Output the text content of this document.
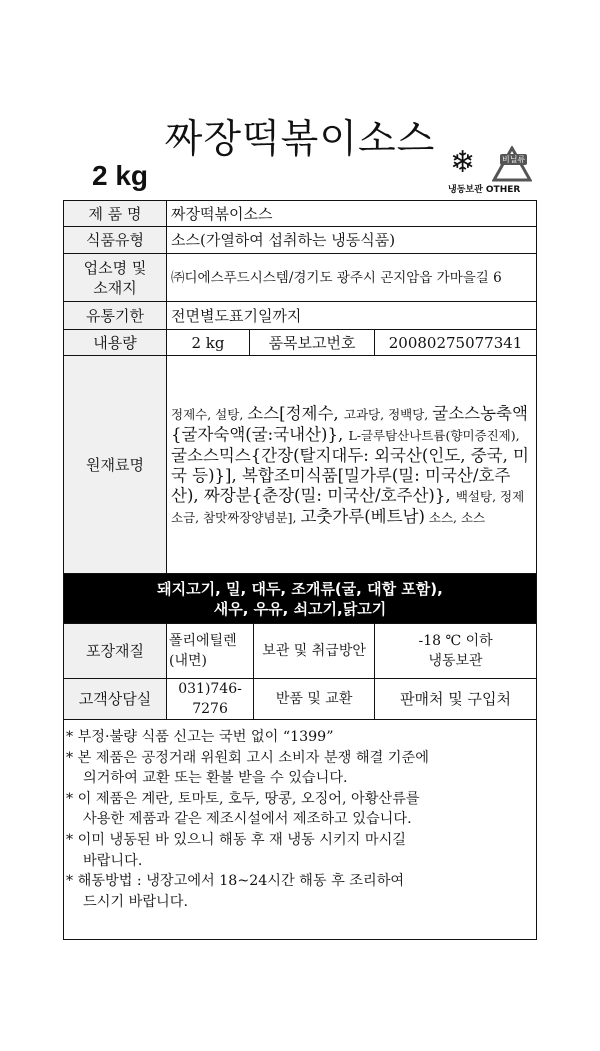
짜장떡볶이소스
2 kg	❄	비닐류
냉동보관 OTHER
제 품 명	짜장떡볶이소스			
식품유형	소스(가열하여 섭취하는 냉동식품)			
업소명 및
소재지	㈜디에스푸드시스템/경기도 광주시 곤지암읍 가마을길 6			
유통기한	전면별도표기일까지			
내용량	2 kg	품목보고번호		20080275077341
원재료명	정제수, 설탕, 소스[정제수, 고과당, 정백당, 굴소스농축액{굴자숙액(굴:국내산)}, L-글루탐산나트륨(향미증진제), 굴소스믹스{간장(탈지대두: 외국산(인도, 중국, 미국 등)}], 복합조미식품[밀가루(밀: 미국산/호주산), 짜장분{춘장(밀: 미국산/호주산)}, 백설탕, 정제소금, 참맛짜장양념분], 고춧가루(베트남) 소스, 소스			

돼지고기, 밀, 대두, 조개류(굴, 대합 포함),
새우, 우유, 쇠고기,닭고기				

포장재질	폴리에틸렌(내면)		보관 및 취급방안	-18 ℃ 이하
냉동보관
고객상담실	031)746-7276		반품 및 교환	판매처 및 구입처

* 부정·불량 식품 신고는 국번 없이 “1399”

* 본 제품은 공정거래 위원회 고시 소비자 분쟁 해결 기준에

의거하여 교환 또는 환불 받을 수 있습니다.

* 이 제품은 계란, 토마토, 호두, 땅콩, 오징어, 아황산류를

사용한 제품과 같은 제조시설에서 제조하고 있습니다.

* 이미 냉동된 바 있으니 해동 후 재 냉동 시키지 마시길

바랍니다.

* 해동방법 : 냉장고에서 18~24시간 해동 후 조리하여

드시기 바랍니다.
